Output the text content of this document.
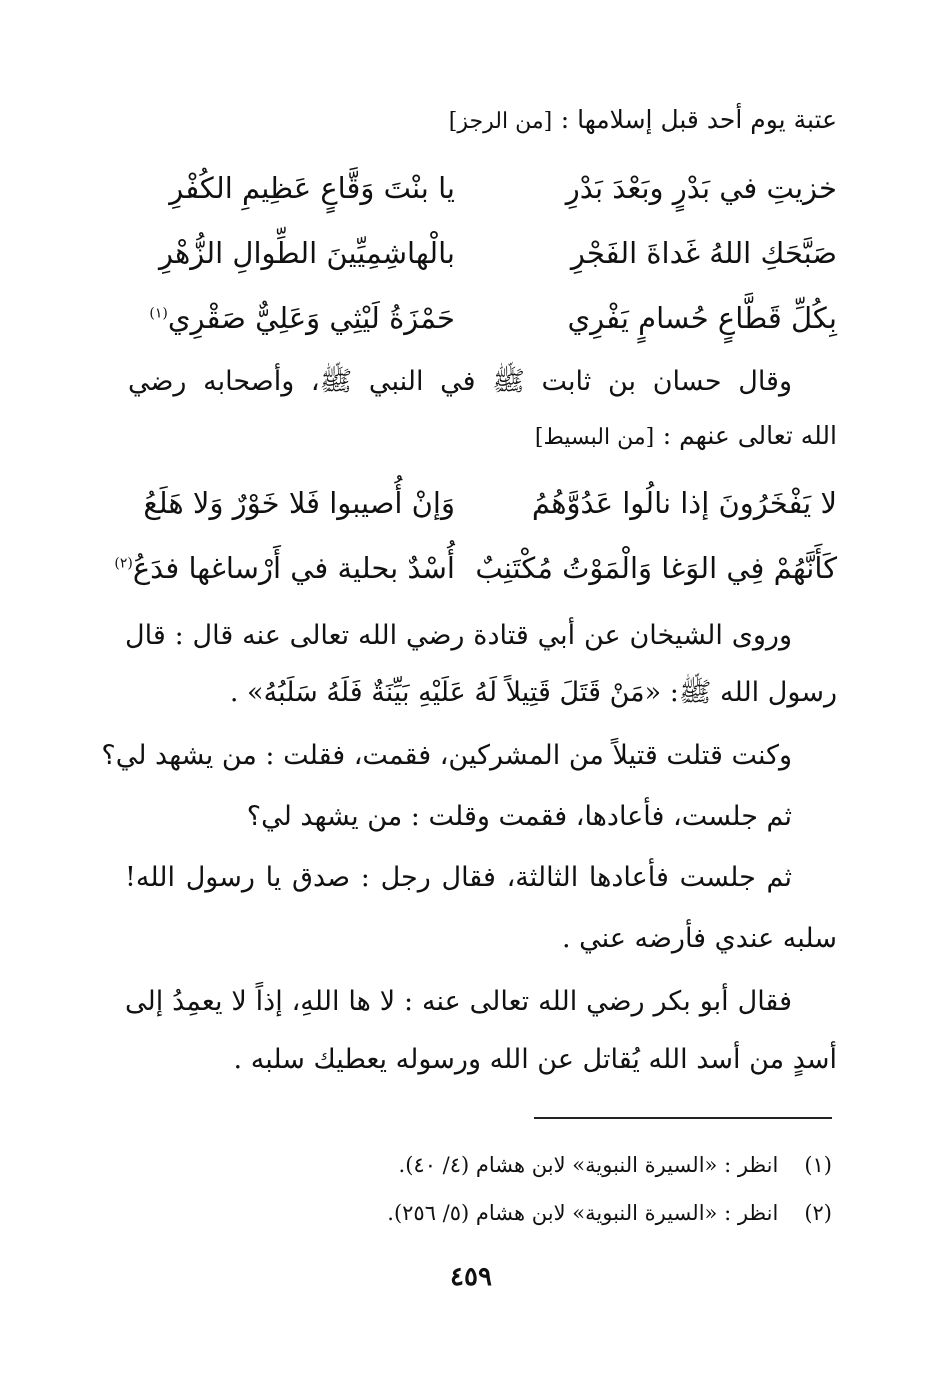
عتبة يوم أحد قبل إسلامها : [من الرجز]
خزيتِ في بَدْرٍ وبَعْدَ بَدْرِ
يا بنْتَ وَقَّاعٍ عَظِيمِ الكُفْرِ
صَبَّحَكِ اللهُ غَداةَ الفَجْرِ
بالْهاشِمِيِّينَ الطِّوالِ الزُّهْرِ
بِكُلِّ قَطَّاعٍ حُسامٍ يَفْرِي
حَمْزَةُ لَيْثِي وَعَلِيٌّ صَقْرِي$^{(١)}$
وقال حسان بن ثابت ﷺ في النبي ﷺ، وأصحابه رضي
الله تعالى عنهم : [من البسيط]
لا يَفْخَرُونَ إذا نالُوا عَدُوَّهُمُ
وَإنْ أُصيبوا فَلا خَوْرٌ وَلا هَلَعُ
كَأَنَّهُمْ فِي الوَغا وَالْمَوْتُ مُكْتَنِبٌ
أُسْدٌ بحلية في أَرْساغها فدَعُ$^{(٢)}$
وروى الشيخان عن أبي قتادة رضي الله تعالى عنه قال : قال
رسول الله ﷺ: «مَنْ قَتَلَ قَتِيلاً لَهُ عَلَيْهِ بَيِّنَةٌ فَلَهُ سَلَبُهُ» .
وكنت قتلت قتيلاً من المشركين، فقمت، فقلت : من يشهد لي؟
ثم جلست، فأعادها، فقمت وقلت : من يشهد لي؟
ثم جلست فأعادها الثالثة، فقال رجل : صدق يا رسول الله!
سلبه عندي فأرضه عني .
فقال أبو بكر رضي الله تعالى عنه : لا ها اللهِ، إذاً لا يعمِدُ إلى
أسدٍ من أسد الله يُقاتل عن الله ورسوله يعطيك سلبه .
(١)انظر : «السيرة النبوية» لابن هشام (٤/ ٤٠).
(٢)انظر : «السيرة النبوية» لابن هشام (٥/ ٢٥٦).
٤٥٩
